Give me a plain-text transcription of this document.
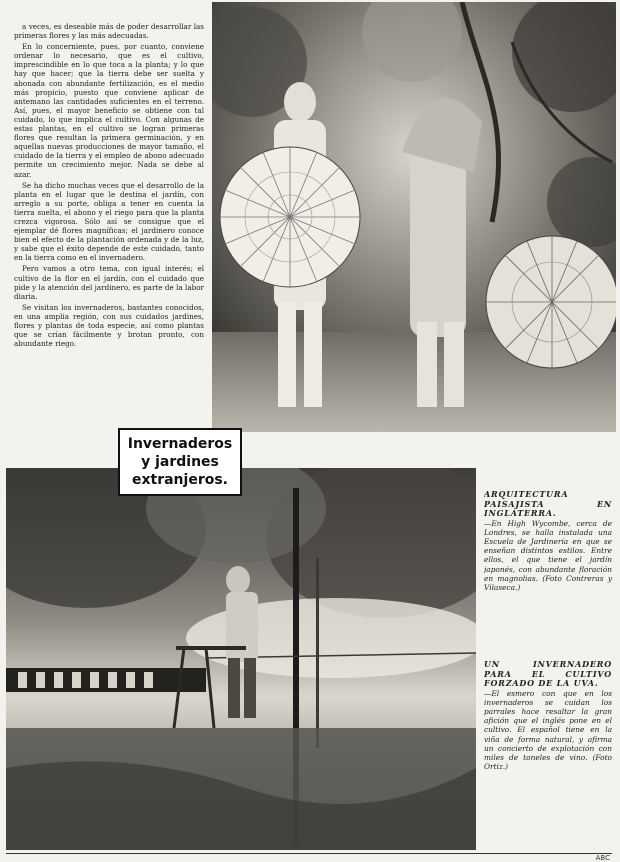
a veces, es deseable más de poder desarrollar las primeras flores y las más adecuadas.

En lo concerniente, pues, por cuanto, conviene ordenar lo necesario, que es el cultivo, imprescindible en lo que toca a la planta; y lo que hay que hacer; que la tierra debe ser suelta y abonada con abundante fertilización, es el medio más propicio, puesto que conviene aplicar de antemano las cantidades suficientes en el terreno. Así, pues, el mayor beneficio se obtiene con tal cuidado, lo que implica el cultivo. Con algunas de estas plantas, en el cultivo se logran primeras flores que resultan la primera germinación, y en aquellas nuevas producciones de mayor tamaño, el cuidado de la tierra y el empleo de abono adecuado permite un crecimiento mejor. Nada se debe al azar.

Se ha dicho muchas veces que el desarrollo de la planta en el lugar que le destina el jardín, con arreglo a su porte, obliga a tener en cuenta la tierra suelta, el abono y el riego para que la planta crezca vigorosa. Sólo así se consigue que el ejemplar dé flores magníficas; el jardinero conoce bien el efecto de la plantación ordenada y de la luz, y sabe que el éxito depende de este cuidado, tanto en la tierra como en el invernadero.

Pero vamos a otro tema, con igual interés; el cultivo de la flor en el jardín, con el cuidado que pide y la atención del jardinero, es parte de la labor diaria.

Se visitan los invernaderos, bastantes conocidos, en una amplia región, con sus cuidados jardines, flores y plantas de toda especie, así como plantas que se crían fácilmente y brotan pronto, con abundante riego.

Invernaderos
y jardines
extranjeros.
ARQUITECTURA PAISAJISTA EN INGLATERRA.
—En High Wycombe, cerca de Londres, se halla instalada una Escuela de Jardinería en que se enseñan distintos estilos. Entre ellos, el que tiene el jardín japonés, con abundante floración en magnolias. (Foto Contreras y Vilaseca.)
UN INVERNADERO PARA EL CULTIVO FORZADO DE LA UVA.
—El esmero con que en los invernaderos se cuidan los parrales hace resaltar la gran afición que el inglés pone en el cultivo. El español tiene en la viña de forma natural, y afirma un concierto de explotación con miles de toneles de vino. (Foto Ortiz.)
ABC
